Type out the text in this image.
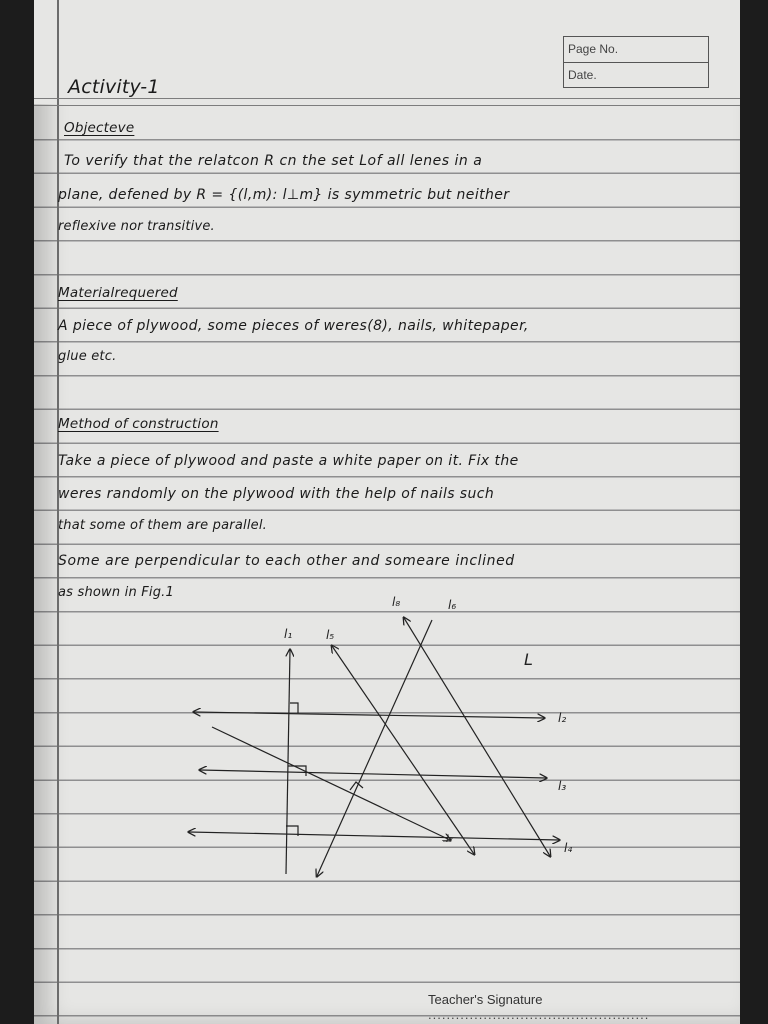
Page No.
Date.
Activity-1
Objecteve
To verify that the relatcon R cn the set Lof all lenes in a
plane, defened by R = {(l,m): l⊥m} is symmetric but neither
reflexive nor transitive.
Materialrequered
A piece of plywood, some pieces of weres(8), nails, whitepaper,
glue etc.
Method of construction
Take a piece of plywood and paste a white paper on it. Fix the
weres randomly on the plywood with the help of nails such
that some of them are parallel.
Some are perpendicular to each other and someare inclined
as shown in Fig.1
l₁	l₅
l₈	l₆
L
l₂
l₃
l₄
l₇
Teacher's Signature ................................................
